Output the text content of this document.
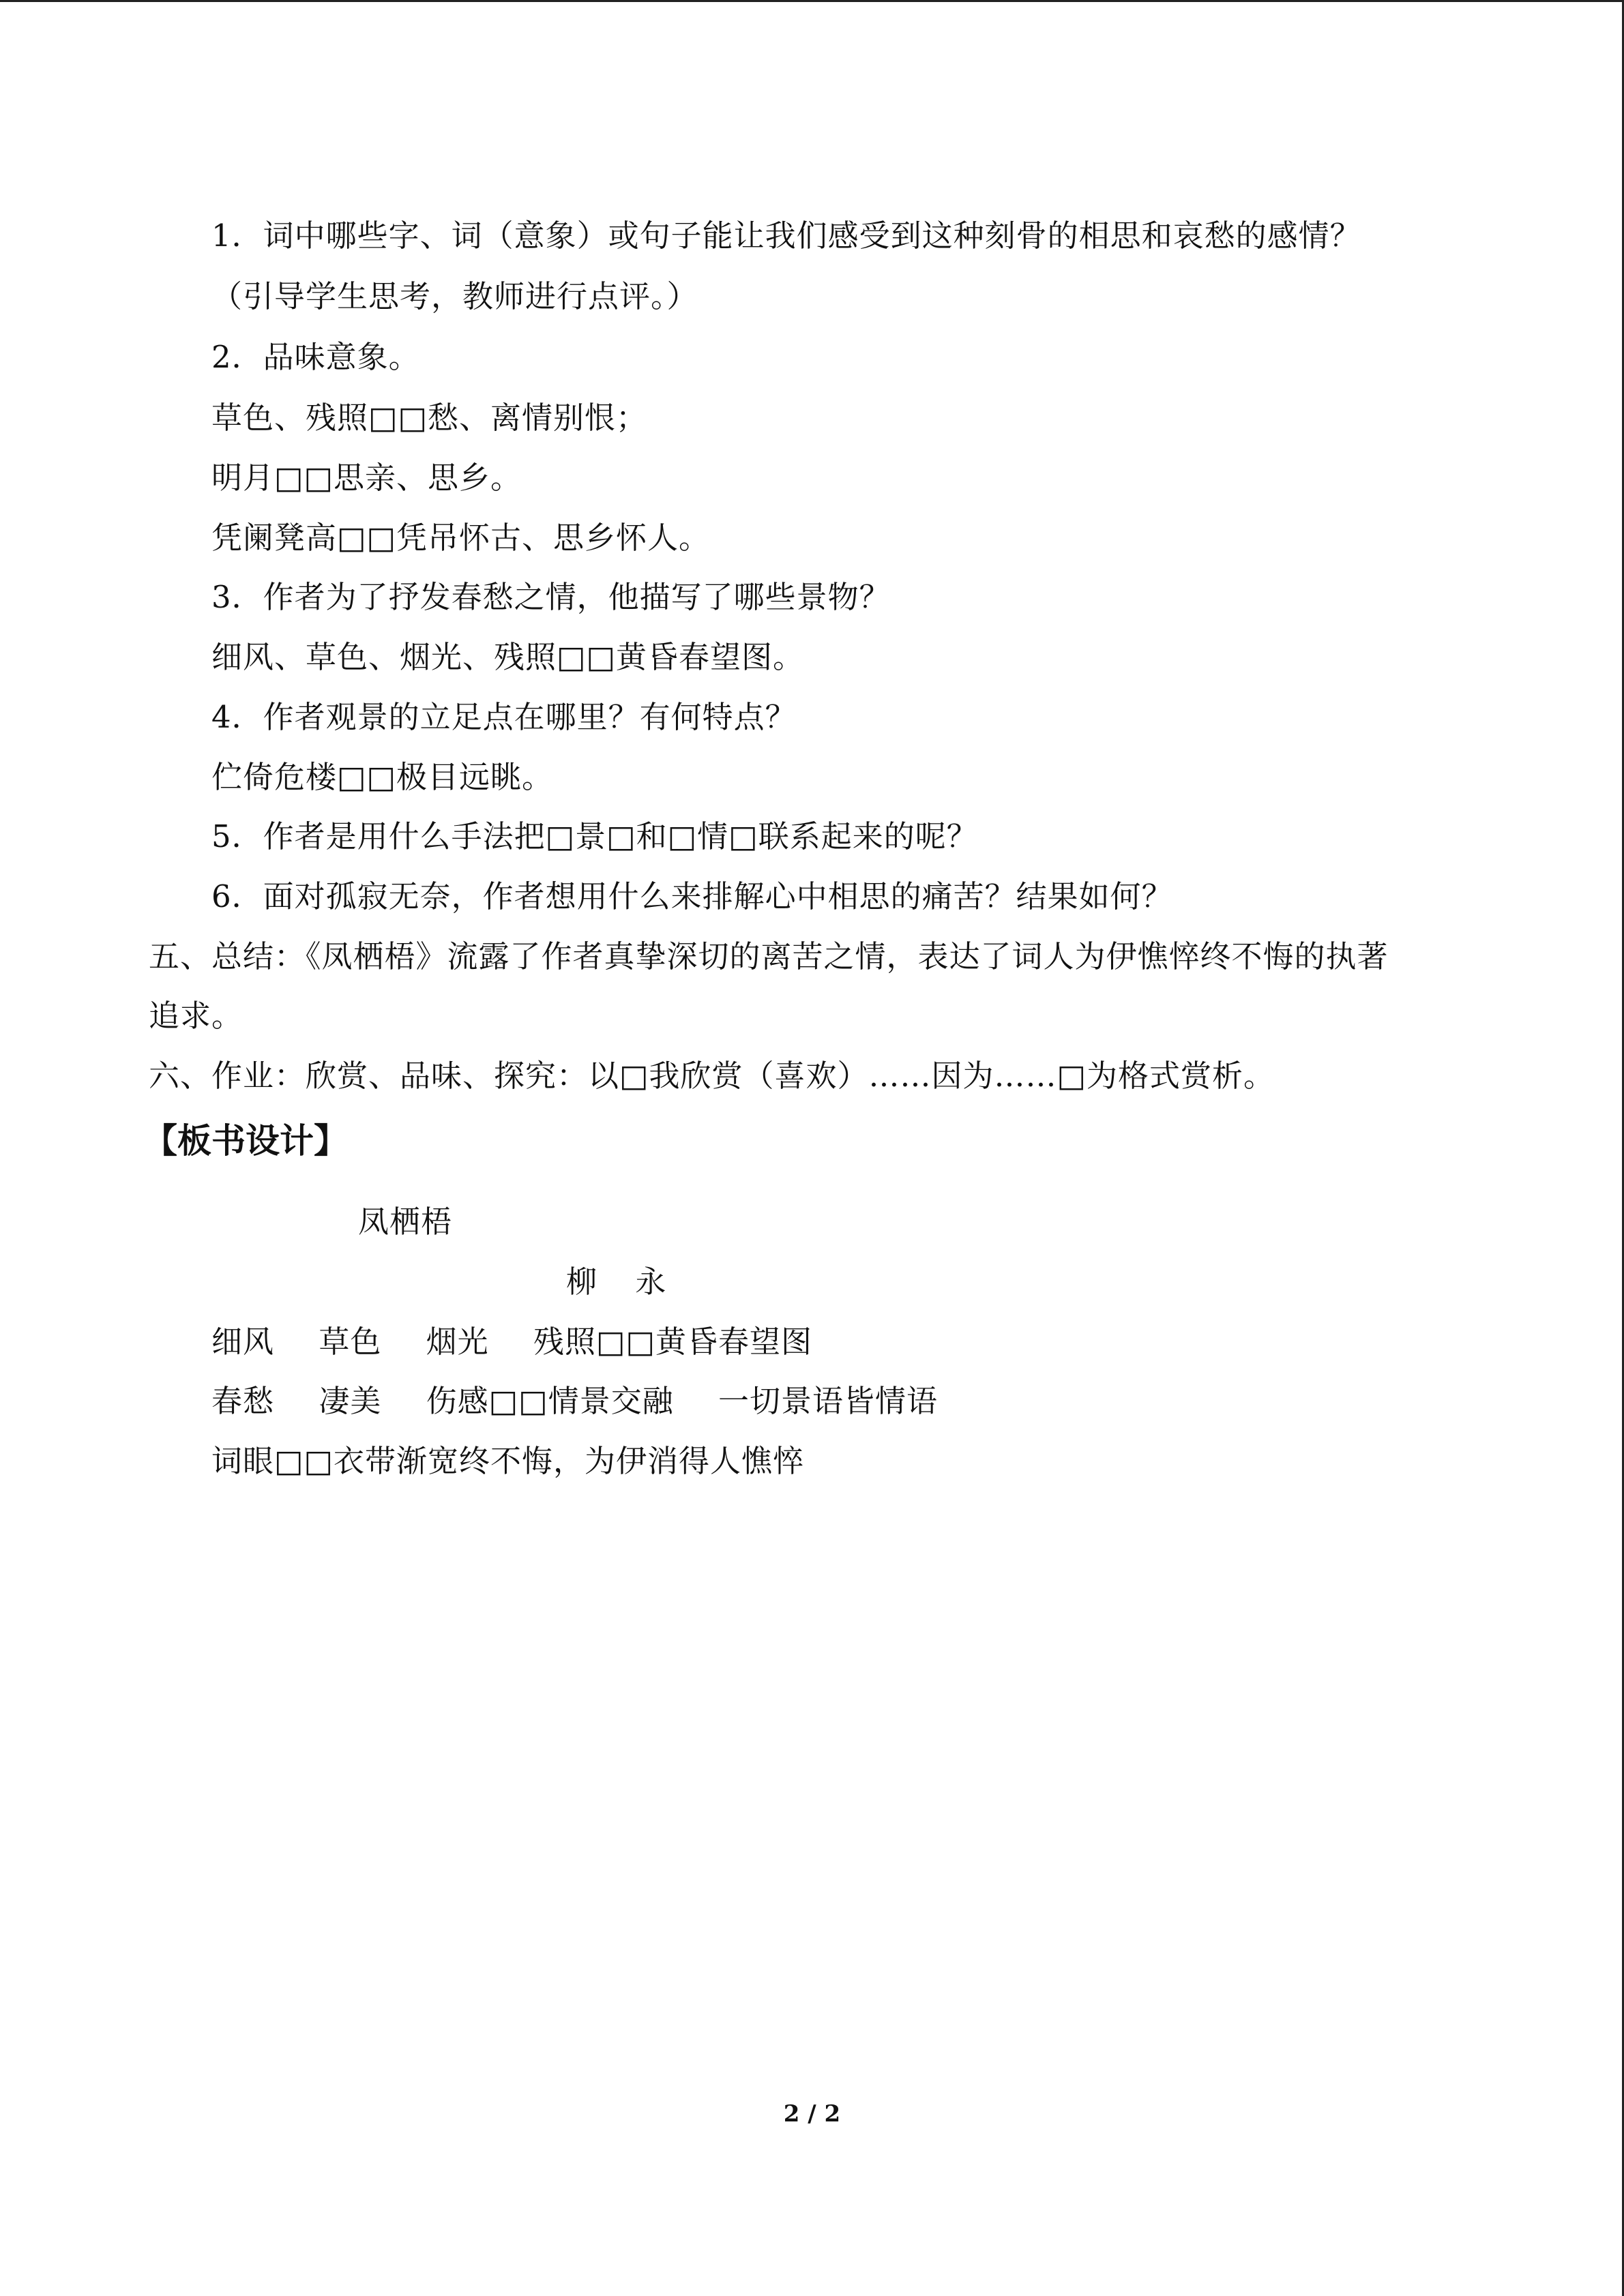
1．词中哪些字、词（意象）或句子能让我们感受到这种刻骨的相思和哀愁的感情？
（引导学生思考，教师进行点评。）
2．品味意象。
草色、残照□□愁、离情别恨；
明月□□思亲、思乡。
凭阑凳高□□凭吊怀古、思乡怀人。
3．作者为了抒发春愁之情，他描写了哪些景物？
细风、草色、烟光、残照□□黄昏春望图。
4．作者观景的立足点在哪里？有何特点？
伫倚危楼□□极目远眺。
5．作者是用什么手法把□景□和□情□联系起来的呢？
6．面对孤寂无奈，作者想用什么来排解心中相思的痛苦？结果如何？
五、总结：《凤栖梧》流露了作者真挚深切的离苦之情，表达了词人为伊憔悴终不悔的执著
追求。
六、作业：欣赏、品味、探究：以□我欣赏（喜欢）……因为……□为格式赏析。
【板书设计】
凤栖梧
柳 永
细风 草色 烟光 残照□□黄昏春望图
春愁 凄美 伤感□□情景交融 一切景语皆情语
词眼□□衣带渐宽终不悔，为伊消得人憔悴
2 / 2
